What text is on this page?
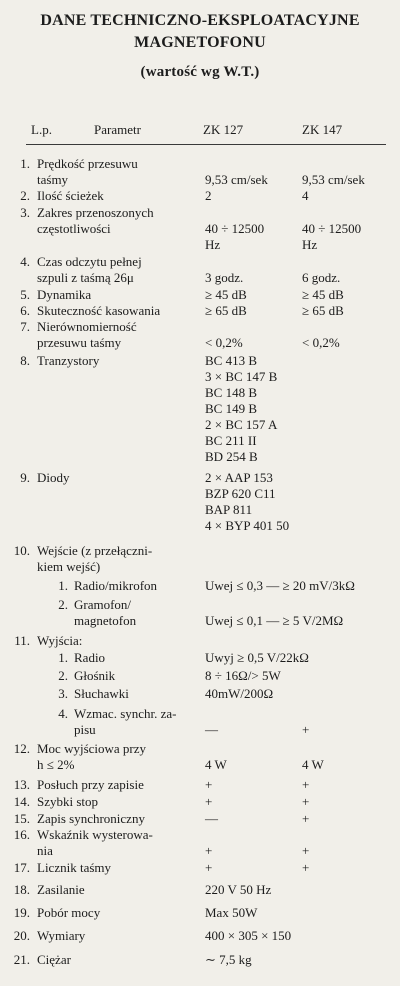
DANE TECHNICZNO-EKSPLOATACYJNE
MAGNETOFONU
(wartość wg W.T.)
L.p.	Parametr	ZK 127	ZK 147
1. Prędkość przesuwu
taśmy	9,53 cm/sek	9,53 cm/sek
2. Ilość ścieżek	2	4
3. Zakres przenoszonych
częstotliwości	40 ÷ 12500	40 ÷ 12500
Hz	Hz
4. Czas odczytu pełnej
szpuli z taśmą 26μ	3 godz.	6 godz.
5. Dynamika	≥ 45 dB	≥ 45 dB
6. Skuteczność kasowania	≥ 65 dB	≥ 65 dB
7. Nierównomierność
przesuwu taśmy	< 0,2%	< 0,2%
8. Tranzystory	BC 413 B
3 × BC 147 B
BC 148 B
BC 149 B
2 × BC 157 A
BC 211 II
BD 254 B
9. Diody	2 × AAP 153
BZP 620 C11
BAP 811
4 × BYP 401 50
10. Wejście (z przełączni-
kiem wejść)
1. Radio/mikrofon	Uwej ≤ 0,3 — ≥ 20 mV/3kΩ
2. Gramofon/
magnetofon	Uwej ≤ 0,1 — ≥ 5 V/2MΩ
11. Wyjścia:
1. Radio	Uwyj ≥ 0,5 V/22kΩ
2. Głośnik	8 ÷ 16Ω/> 5W
3. Słuchawki	40mW/200Ω
4. Wzmac. synchr. za-
pisu	—	+
12. Moc wyjściowa przy
h ≤ 2%	4 W	4 W
13. Posłuch przy zapisie	+	+
14. Szybki stop	+	+
15. Zapis synchroniczny	—	+
16. Wskaźnik wysterowa-
nia	+	+
17. Licznik taśmy	+	+
18. Zasilanie	220 V 50 Hz
19. Pobór mocy	Max 50W
20. Wymiary	400 × 305 × 150
21. Ciężar	∼ 7,5 kg
